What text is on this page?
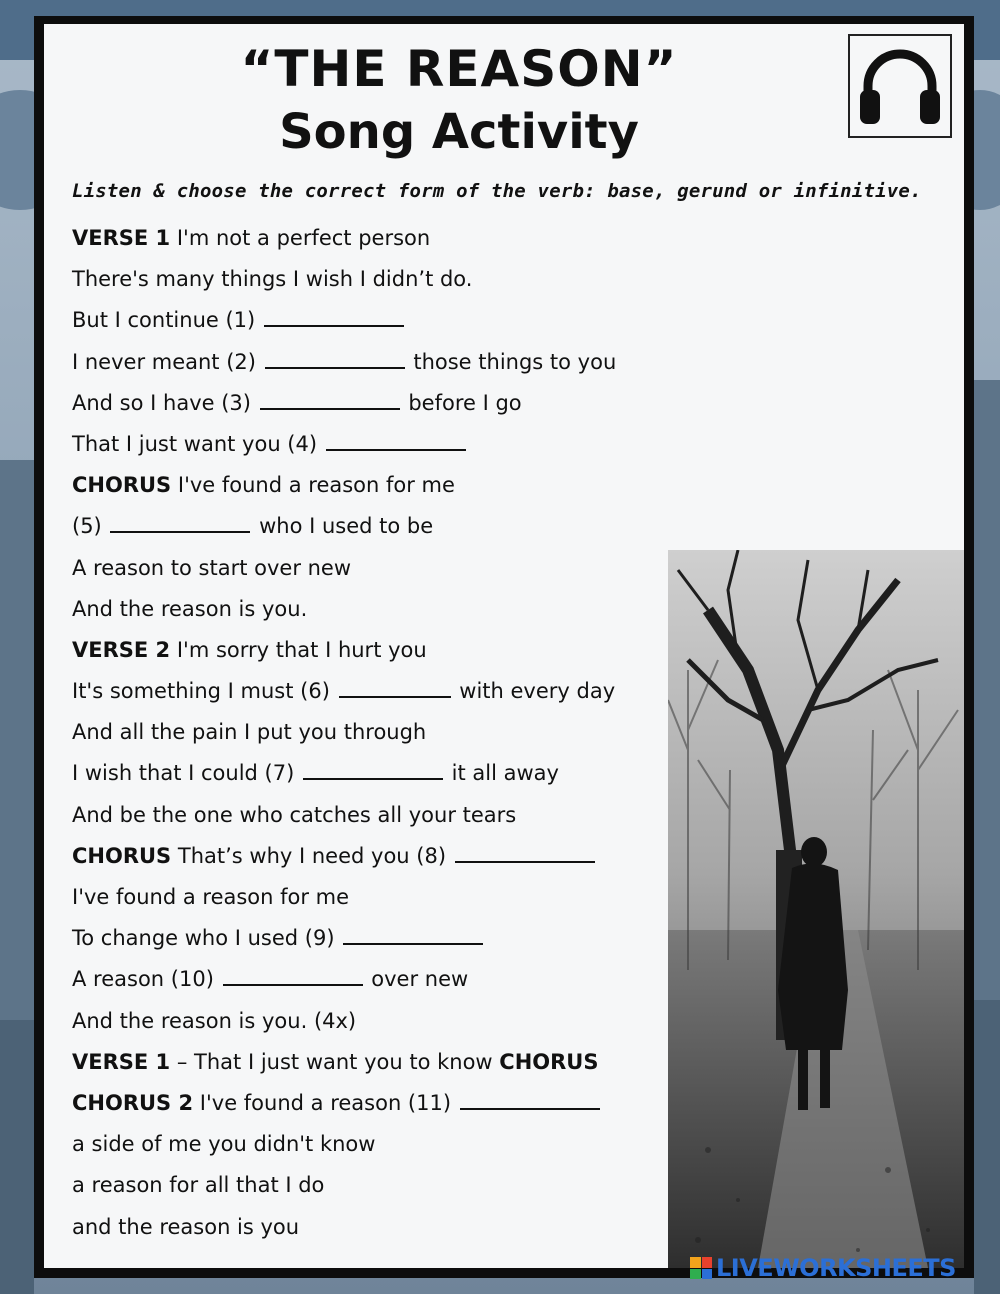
“THE REASON”
Song Activity
Listen & choose the correct form of the verb: base, gerund or infinitive.
VERSE 1 I'm not a perfect person
There's many things I wish I didn’t do.
But I continue (1)
I never meant (2)	those things to you
And so I have (3)	before I go
That I just want you (4)
CHORUS I've found a reason for me
(5)	who I used to be
A reason to start over new
And the reason is you.
VERSE 2 I'm sorry that I hurt you
It's something I must (6)	with every day
And all the pain I put you through
I wish that I could (7)	it all away
And be the one who catches all your tears
CHORUS That’s why I need you (8)
I've found a reason for me
To change who I used (9)
A reason (10)	over new
And the reason is you. (4x)
VERSE 1 – That I just want you to know CHORUS
CHORUS 2 I've found a reason (11)
a side of me you didn't know
a reason for all that I do
and the reason is you
LIVEWORKSHEETS
